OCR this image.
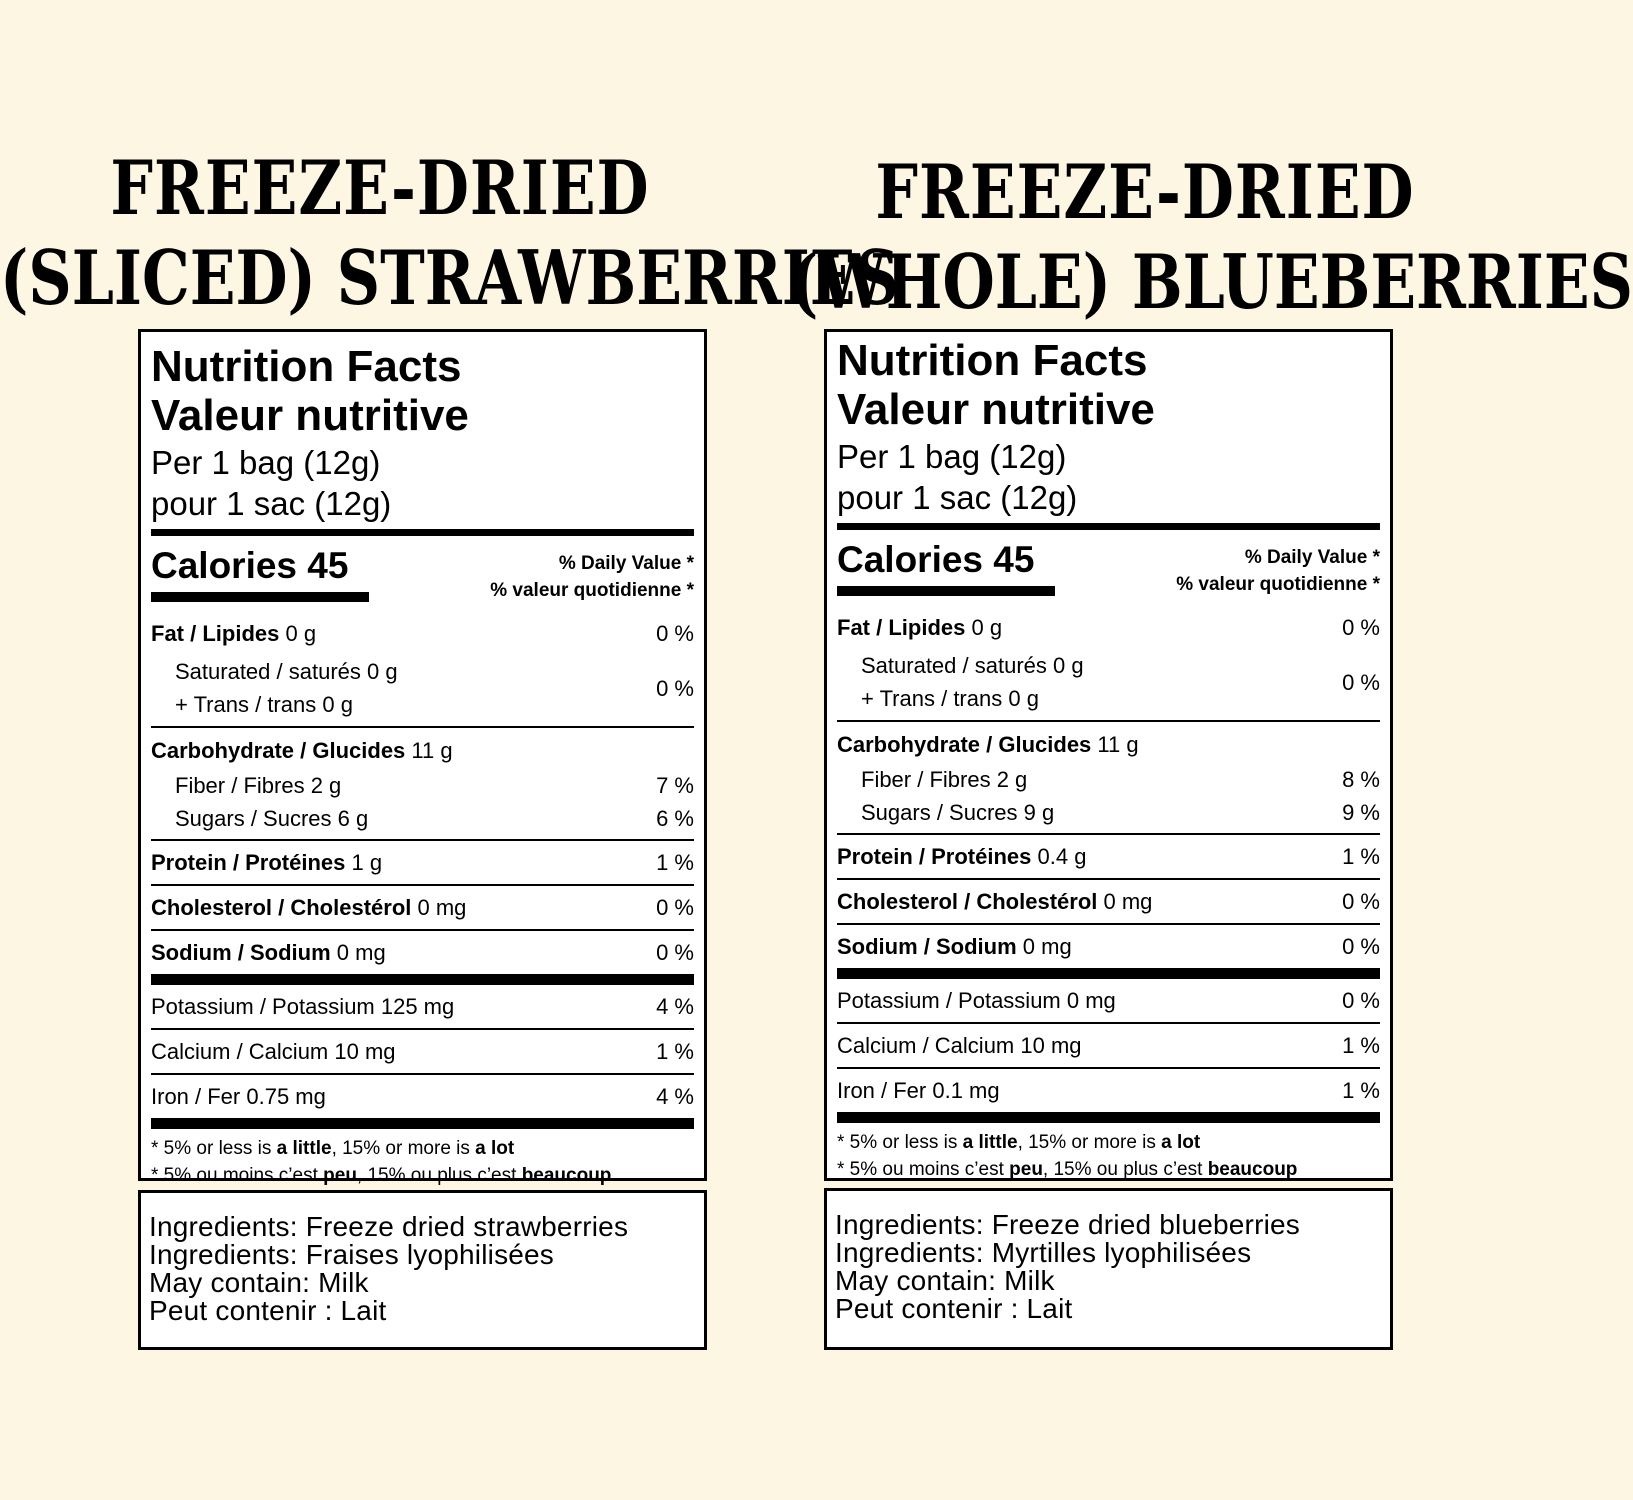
FREEZE-DRIED
(SLICED) STRAWBERRIES
Nutrition Facts
Valeur nutritive
Per 1 bag (12g)
pour 1 sac (12g)
Calories 45	% Daily Value *
% valeur quotidienne *
Fat / Lipides 0 g	0 %
Saturated / saturés 0 g
+ Trans / trans 0 g
0 %
Carbohydrate / Glucides 11 g
Fiber / Fibres 2 g	7 %
Sugars / Sucres 6 g	6 %
Protein / Protéines 1 g	1 %
Cholesterol / Cholestérol 0 mg	0 %
Sodium / Sodium 0 mg	0 %
Potassium / Potassium 125 mg	4 %
Calcium / Calcium 10 mg	1 %
Iron / Fer 0.75 mg	4 %
* 5% or less is a little, 15% or more is a lot
* 5% ou moins c’est peu, 15% ou plus c’est beaucoup
Ingredients: Freeze dried strawberries
Ingredients: Fraises lyophilisées
May contain: Milk
Peut contenir : Lait
FREEZE-DRIED
(WHOLE) BLUEBERRIES
Nutrition Facts
Valeur nutritive
Per 1 bag (12g)
pour 1 sac (12g)
Calories 45	% Daily Value *
% valeur quotidienne *
Fat / Lipides 0 g	0 %
Saturated / saturés 0 g
+ Trans / trans 0 g
0 %
Carbohydrate / Glucides 11 g
Fiber / Fibres 2 g	8 %
Sugars / Sucres 9 g	9 %
Protein / Protéines 0.4 g	1 %
Cholesterol / Cholestérol 0 mg	0 %
Sodium / Sodium 0 mg	0 %
Potassium / Potassium 0 mg	0 %
Calcium / Calcium 10 mg	1 %
Iron / Fer 0.1 mg	1 %
* 5% or less is a little, 15% or more is a lot
* 5% ou moins c’est peu, 15% ou plus c’est beaucoup
Ingredients: Freeze dried blueberries
Ingredients: Myrtilles lyophilisées
May contain: Milk
Peut contenir : Lait
